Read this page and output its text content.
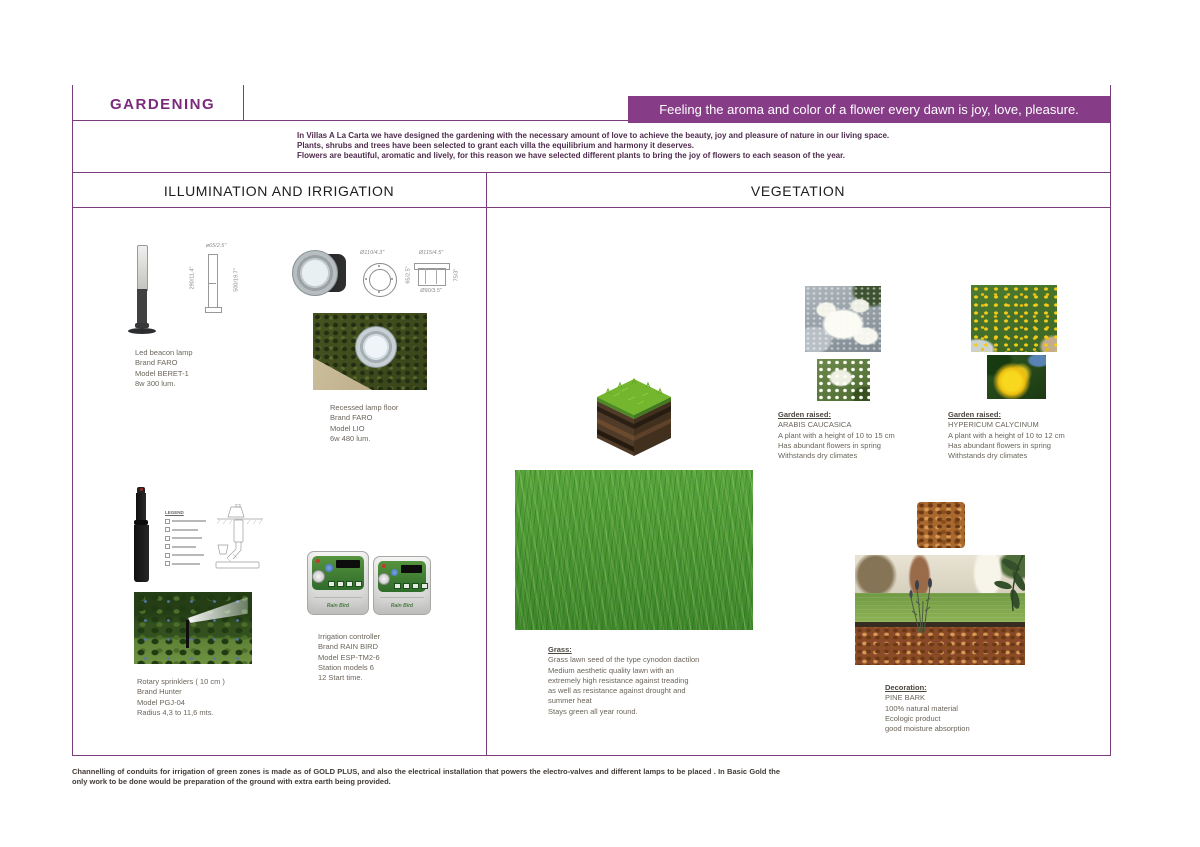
GARDENING	Feeling the aroma and color of a flower every dawn is joy, love, pleasure.
In Villas A La Carta we have designed the gardening with the necessary amount of love to achieve the beauty, joy and pleasure of nature in our living space.
Plants, shrubs and trees have been selected to grant each villa the equilibrium and harmony it deserves.
Flowers are beautiful, aromatic and lively, for this reason we have selected different plants to bring the joy of flowers to each season of the year.
ILLUMINATION AND IRRIGATION	VEGETATION
ø65/2.5"
290/11.4"	500/19.7"
Led beacon lamp
Brand FARO
Model BERET-1
8w 300 lum.
Ø110/4.3"	Ø115/4.5"
Ø90/3.5"
65/2.5"	75/3"
Recessed lamp floor
Brand FARO
Model LIO
6w 480 lum.
LEGEND
Rotary sprinklers ( 10 cm )
Brand Hunter
Model PGJ-04
Radius 4,3 to 11,6 mts.
Rain Bird	Rain Bird
Irrigation controller
Brand RAIN BIRD
Model ESP-TM2-6
Station models 6
12 Start time.
Grass:
Grass lawn seed of the type cynodon dactilon
Medium aesthetic quality lawn with an
extremely high resistance against treading
as well as resistance against drought and
summer heat
Stays green all year round.
Garden raised:
ARABIS CAUCASICA
A plant with a height of 10 to 15 cm
Has abundant flowers in spring
Withstands dry climates
Garden raised:
HYPERICUM CALYCINUM
A plant with a height of 10 to 12 cm
Has abundant flowers in spring
Withstands dry climates
Decoration:
PINE BARK
100% natural material
Ecologic product
good moisture absorption
Channelling of conduits for irrigation of green zones is made as of GOLD PLUS, and also the electrical installation that powers the electro-valves and different lamps to be placed . In Basic Gold the only work to be done would be preparation of the ground with extra earth being provided.
